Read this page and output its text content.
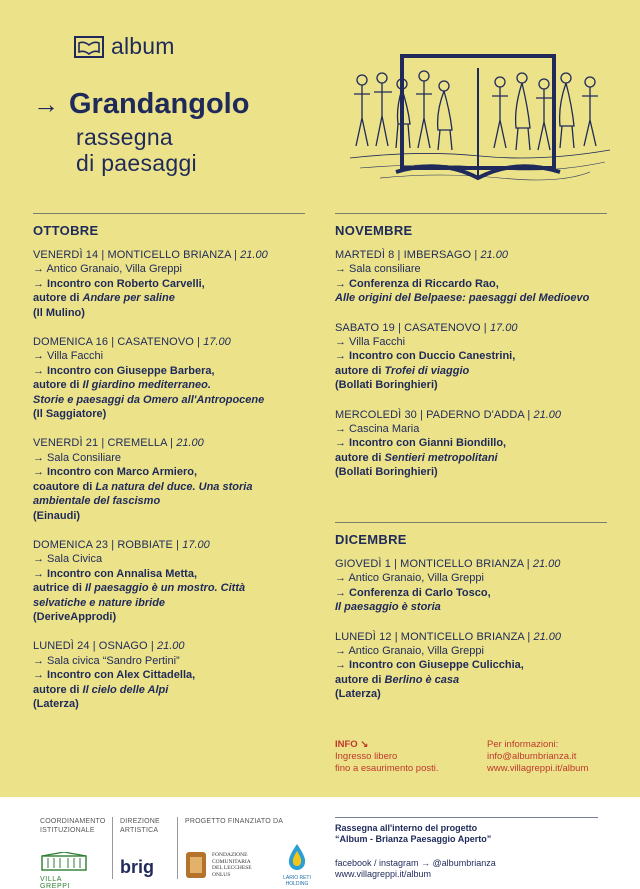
album
→ Grandangolo
rassegna
di paesaggi
OTTOBRE
VENERDÌ 14 | MONTICELLO BRIANZA | 21.00
→ Antico Granaio, Villa Greppi
→ Incontro con Roberto Carvelli,
autore di Andare per saline
(Il Mulino)
DOMENICA 16 | CASATENOVO | 17.00
→ Villa Facchi
→ Incontro con Giuseppe Barbera,
autore di Il giardino mediterraneo.
Storie e paesaggi da Omero all'Antropocene
(Il Saggiatore)
VENERDÌ 21 | CREMELLA | 21.00
→ Sala Consiliare
→ Incontro con Marco Armiero,
coautore di La natura del duce. Una storia
ambientale del fascismo
(Einaudi)
DOMENICA 23 | ROBBIATE | 17.00
→ Sala Civica
→ Incontro con Annalisa Metta,
autrice di Il paesaggio è un mostro. Città
selvatiche e nature ibride
(DeriveApprodi)
LUNEDÌ 24 | OSNAGO | 21.00
→ Sala civica “Sandro Pertini”
→ Incontro con Alex Cittadella,
autore di Il cielo delle Alpi
(Laterza)
NOVEMBRE
MARTEDÌ 8 | IMBERSAGO | 21.00
→ Sala consiliare
→ Conferenza di Riccardo Rao,
Alle origini del Belpaese: paesaggi del Medioevo
SABATO 19 | CASATENOVO | 17.00
→ Villa Facchi
→ Incontro con Duccio Canestrini,
autore di Trofei di viaggio
(Bollati Boringhieri)
MERCOLEDÌ 30 | PADERNO D'ADDA | 21.00
→ Cascina Maria
→ Incontro con Gianni Biondillo,
autore di Sentieri metropolitani
(Bollati Boringhieri)
DICEMBRE
GIOVEDÌ 1 | MONTICELLO BRIANZA | 21.00
→ Antico Granaio, Villa Greppi
→ Conferenza di Carlo Tosco,
Il paesaggio è storia
LUNEDÌ 12 | MONTICELLO BRIANZA | 21.00
→ Antico Granaio, Villa Greppi
→ Incontro con Giuseppe Culicchia,
autore di Berlino è casa
(Laterza)
INFO ↘
Ingresso libero
fino a esaurimento posti.
Per informazioni:
info@albumbrianza.it
www.villagreppi.it/album
COORDINAMENTO
ISTITUZIONALE
VILLA GREPPI
DIREZIONE
ARTISTICA
brig
PROGETTO FINANZIATO DA
FONDAZIONE
COMUNITARIA
DEL LECCHESE
ONLUS
LARIO RETI HOLDING
Rassegna all'interno del progetto
“Album - Brianza Paesaggio Aperto”
facebook / instagram → @albumbrianza
www.villagreppi.it/album
